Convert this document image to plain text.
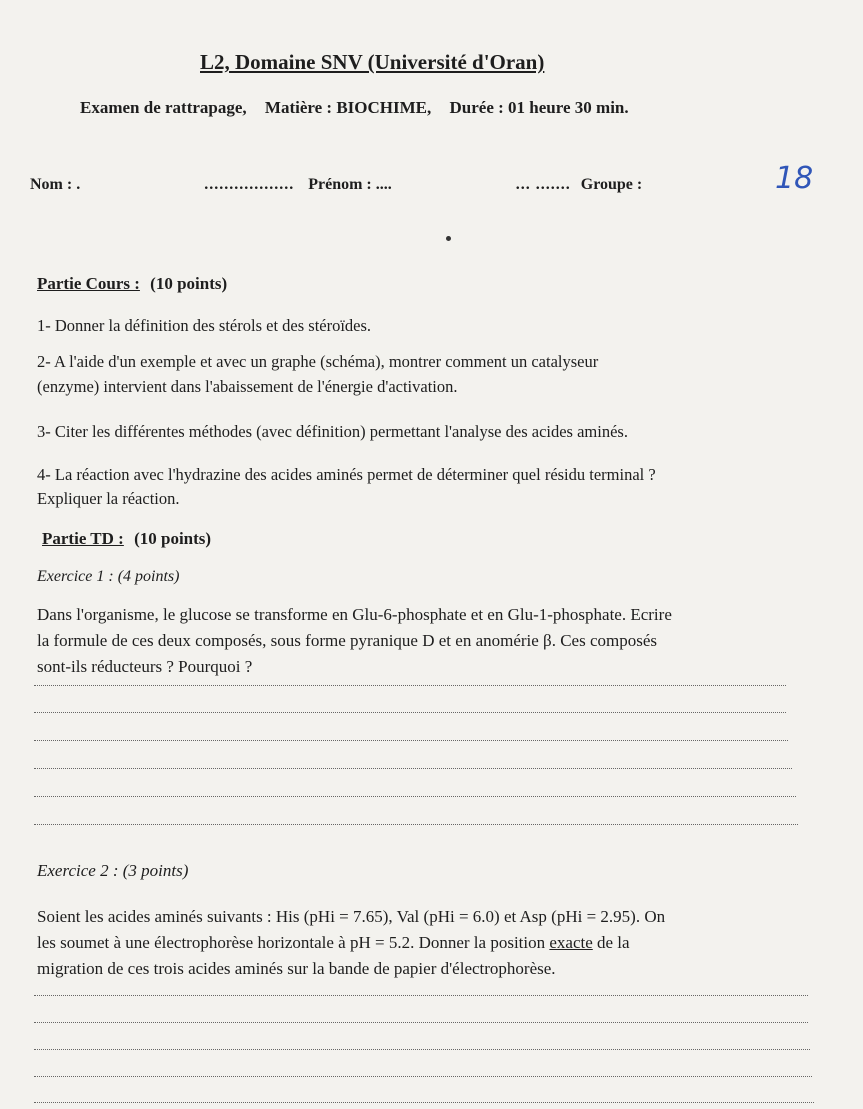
L2, Domaine SNV (Université d'Oran)
Examen de rattrapage, Matière : BIOCHIME, Durée : 01 heure 30 min.
Nom : .	.................. Prénom : ....	... ....... Groupe :	18
Partie Cours : (10 points)
1- Donner la définition des stérols et des stéroïdes.
2- A l'aide d'un exemple et avec un graphe (schéma), montrer comment un catalyseur
(enzyme) intervient dans l'abaissement de l'énergie d'activation.
3- Citer les différentes méthodes (avec définition) permettant l'analyse des acides aminés.
4- La réaction avec l'hydrazine des acides aminés permet de déterminer quel résidu terminal ?
Expliquer la réaction.
Partie TD : (10 points)
Exercice 1 : (4 points)
Dans l'organisme, le glucose se transforme en Glu-6-phosphate et en Glu-1-phosphate. Ecrire
la formule de ces deux composés, sous forme pyranique D et en anomérie β. Ces composés
sont-ils réducteurs ? Pourquoi ?
Exercice 2 : (3 points)
Soient les acides aminés suivants : His (pHi = 7.65), Val (pHi = 6.0) et Asp (pHi = 2.95). On
les soumet à une électrophorèse horizontale à pH = 5.2. Donner la position exacte de la
migration de ces trois acides aminés sur la bande de papier d'électrophorèse.
